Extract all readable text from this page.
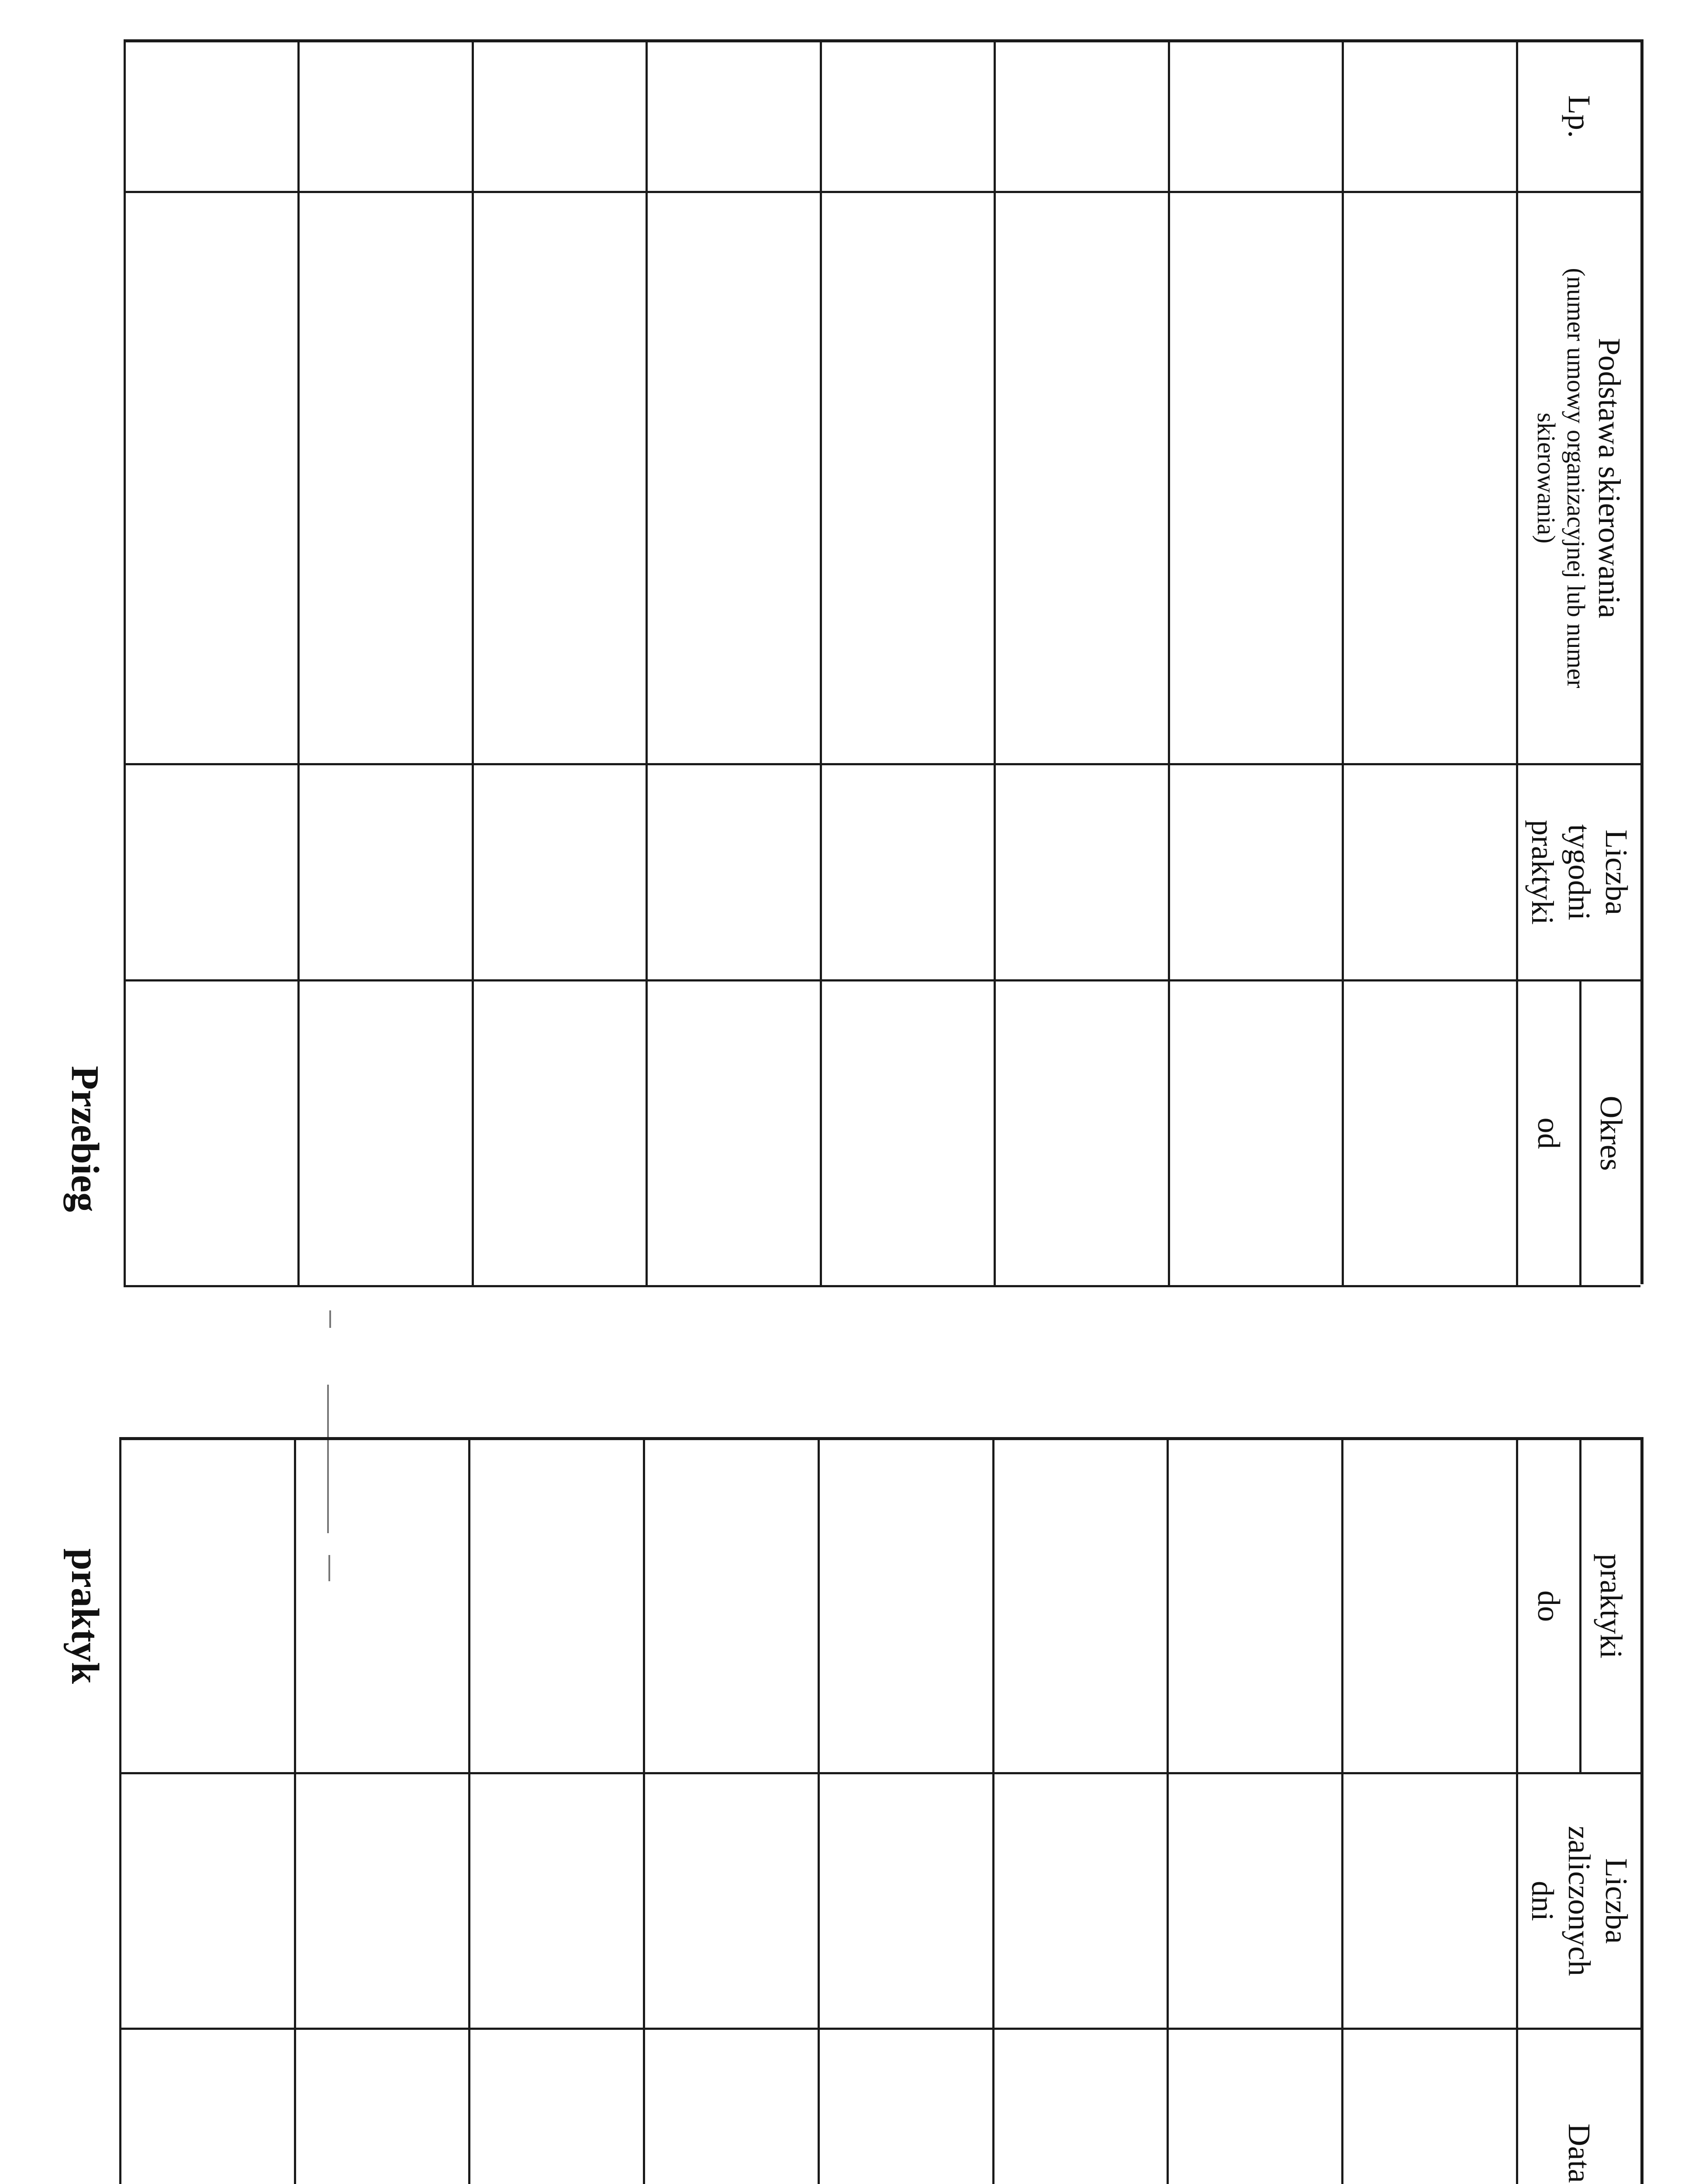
Przebieg
praktyk
Lp.
Podstawa skierowania
(numer umowy organizacyjnej lub numer skierowania)
Liczba tygodni praktyki
Okres
od
praktyki
do
Liczba zaliczonych dni
Data
